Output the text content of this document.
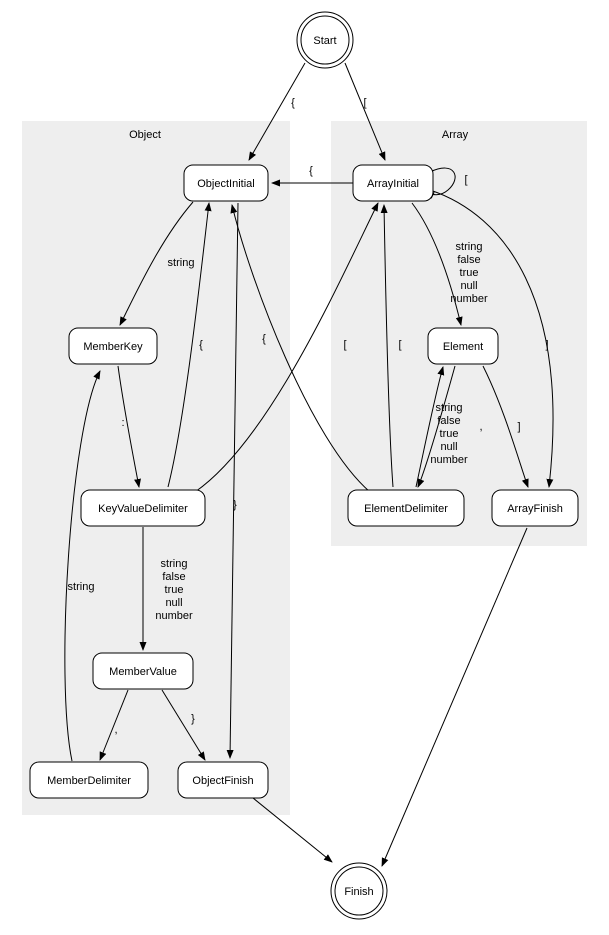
Object	Array
{	[
{
[
string
:
string false true null number
{	[
,
}
string
}
string false true null number
,
string false true null number
]
[
{	]
Start
ObjectInitial	ArrayInitial
MemberKey	Element
KeyValueDelimiter	ElementDelimiter	ArrayFinish
MemberValue
MemberDelimiter	ObjectFinish
Finish
